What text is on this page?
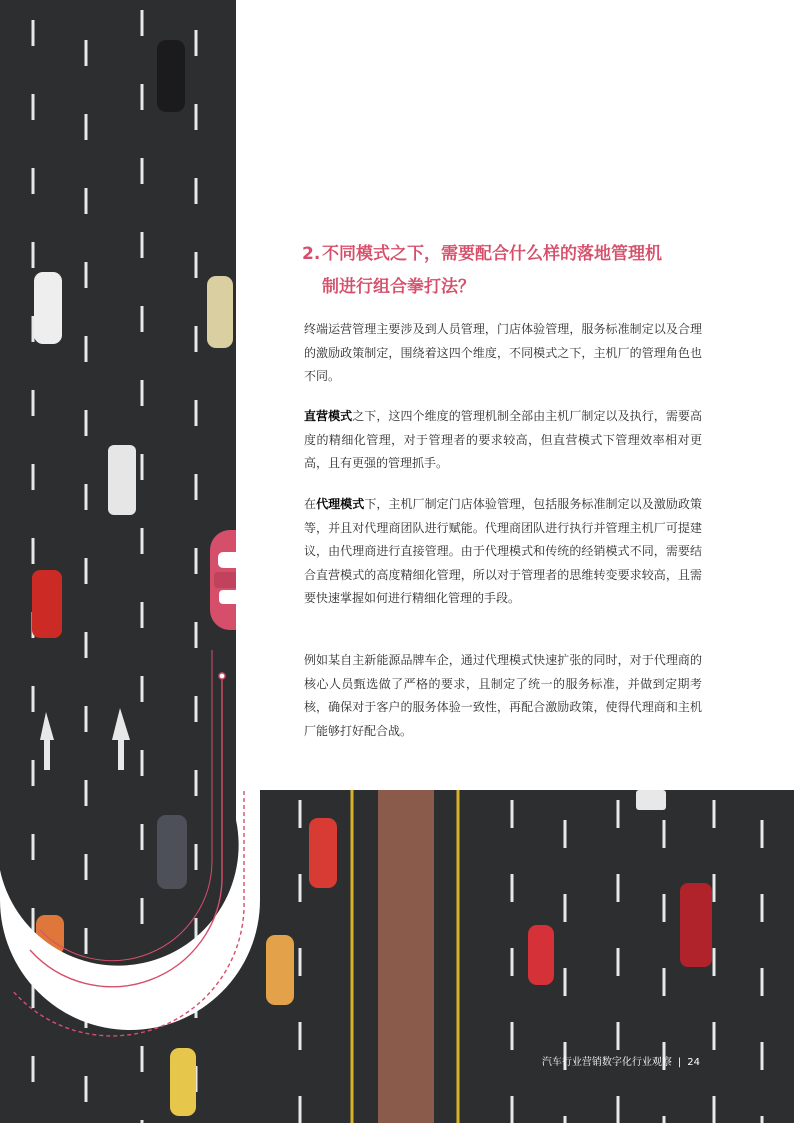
2. 不同模式之下，需要配合什么样的落地管理机
制进行组合拳打法？

终端运营管理主要涉及到人员管理，门店体验管理，服务标准制定以及合理的激励政策制定，围绕着这四个维度，不同模式之下，主机厂的管理角色也不同。

直营模式之下，这四个维度的管理机制全部由主机厂制定以及执行，需要高度的精细化管理，对于管理者的要求较高，但直营模式下管理效率相对更高，且有更强的管理抓手。

在代理模式下，主机厂制定门店体验管理，包括服务标准制定以及激励政策等，并且对代理商团队进行赋能。代理商团队进行执行并管理主机厂可提建议，由代理商进行直接管理。由于代理模式和传统的经销模式不同，需要结合直营模式的高度精细化管理，所以对于管理者的思维转变要求较高，且需要快速掌握如何进行精细化管理的手段。

例如某自主新能源品牌车企，通过代理模式快速扩张的同时，对于代理商的核心人员甄选做了严格的要求，且制定了统一的服务标准，并做到定期考核，确保对于客户的服务体验一致性，再配合激励政策，使得代理商和主机厂能够打好配合战。

汽车行业营销数字化行业观察 | 24
